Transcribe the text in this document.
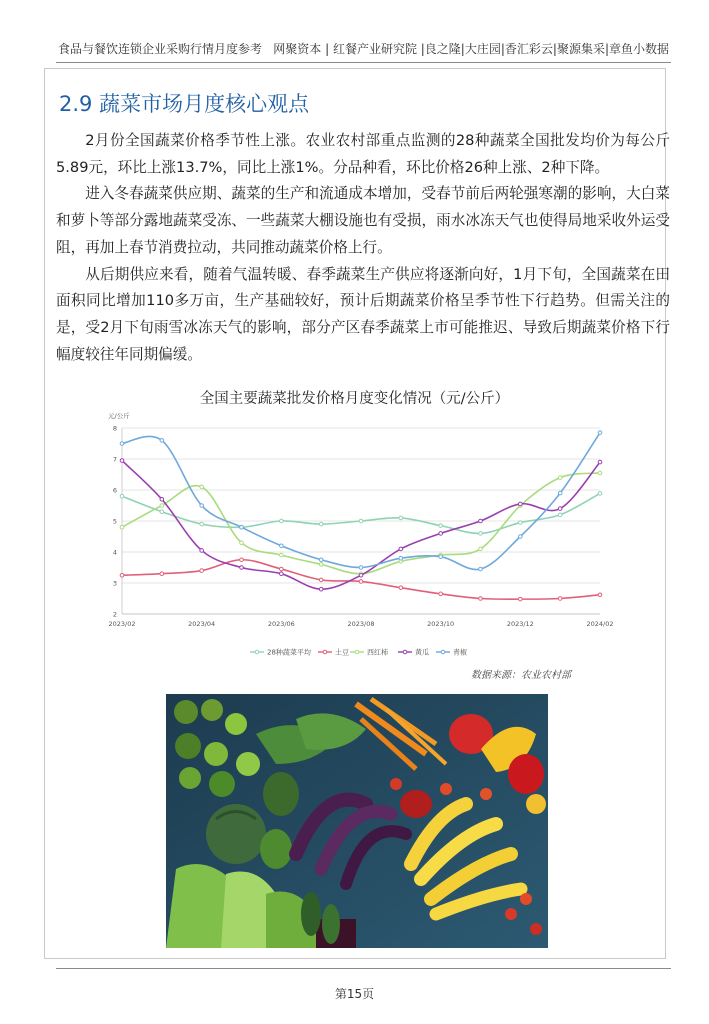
食品与餐饮连锁企业采购行情月度参考 网聚资本 | 红餐产业研究院 |良之隆|大庄园|香汇彩云|聚源集采|章鱼小数据
2.9 蔬菜市场月度核心观点

2月份全国蔬菜价格季节性上涨。农业农村部重点监测的28种蔬菜全国批发均价为每公斤5.89元，环比上涨13.7%，同比上涨1%。分品种看，环比价格26种上涨、2种下降。

进入冬春蔬菜供应期、蔬菜的生产和流通成本增加，受春节前后两轮强寒潮的影响，大白菜和萝卜等部分露地蔬菜受冻、一些蔬菜大棚设施也有受损，雨水冰冻天气也使得局地采收外运受阻，再加上春节消费拉动，共同推动蔬菜价格上行。

从后期供应来看，随着气温转暖、春季蔬菜生产供应将逐渐向好，1月下旬，全国蔬菜在田面积同比增加110多万亩，生产基础较好，预计后期蔬菜价格呈季节性下行趋势。但需关注的是，受2月下旬雨雪冰冻天气的影响，部分产区春季蔬菜上市可能推迟、导致后期蔬菜价格下行幅度较往年同期偏缓。

全国主要蔬菜批发价格月度变化情况（元/公斤）
元/公斤
2
3
4
5
6
7
8
2023/02	2023/04	2023/06	2023/08	2023/10	2023/12	2024/02
28种蔬菜平均	土豆	西红柿	黄瓜	青椒
数据来源：农业农村部
第15页
